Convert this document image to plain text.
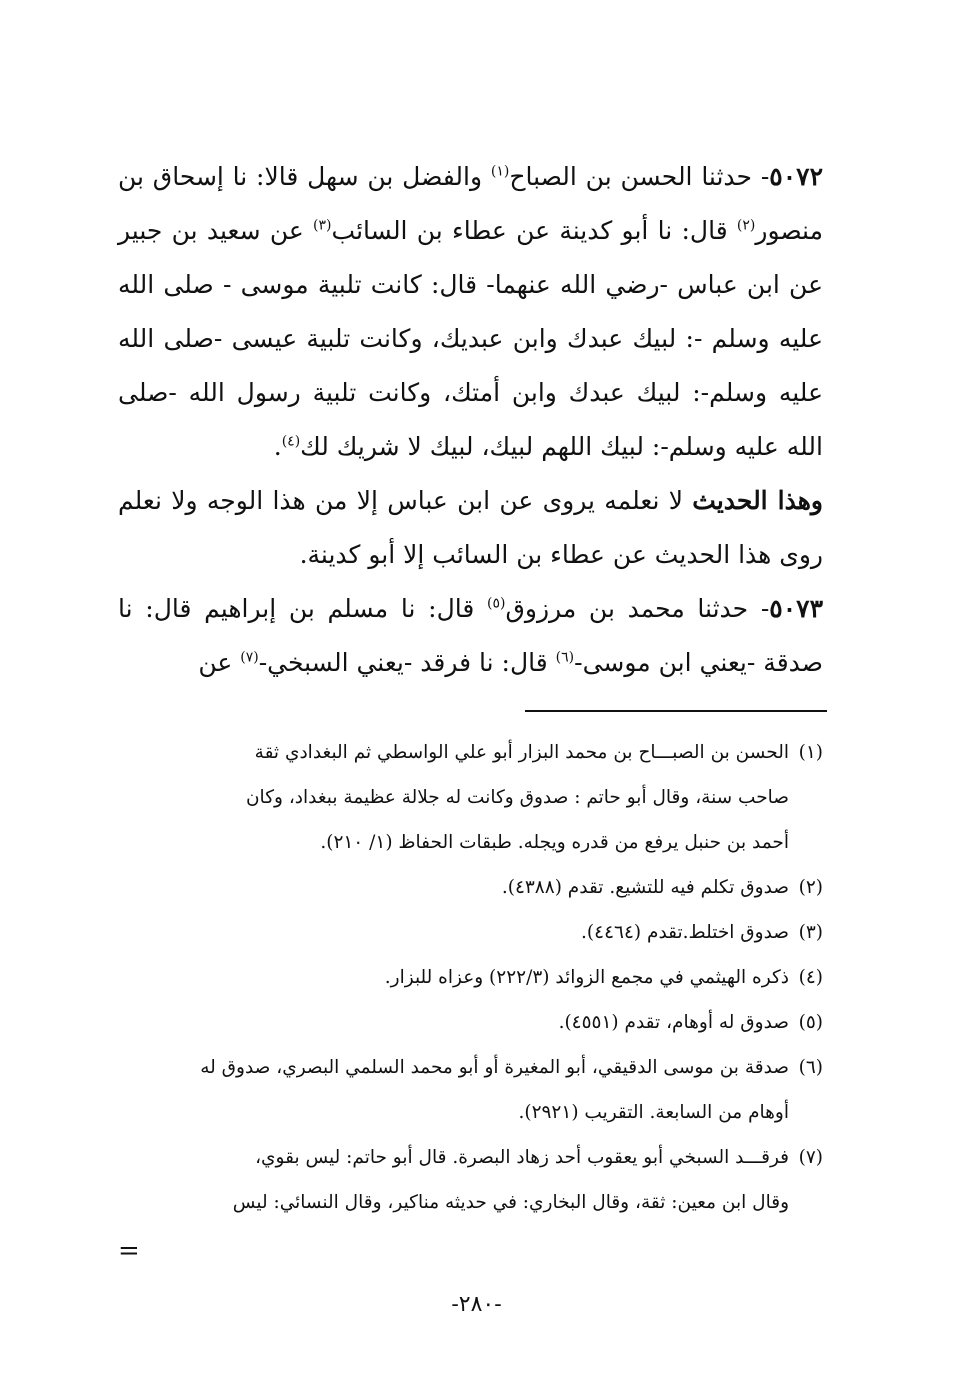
٥٠٧٢- حدثنا الحسن بن الصباح$^{(١)}$ والفضل بن سهل قالا: نا إسحاق بن منصور$^{(٢)}$ قال: نا أبو كدينة عن عطاء بن السائب$^{(٣)}$ عن سعيد بن جبير عن ابن عباس -رضي الله عنهما- قال: كانت تلبية موسى - صلى الله عليه وسلم -: لبيك عبدك وابن عبديك، وكانت تلبية عيسى -صلى الله عليه وسلم-: لبيك عبدك وابن أمتك، وكانت تلبية رسول الله -صلى الله عليه وسلم-: لبيك اللهم لبيك، لبيك لا شريك لك$^{(٤)}$.

وهذا الحديث لا نعلمه يروى عن ابن عباس إلا من هذا الوجه ولا نعلم روى هذا الحديث عن عطاء بن السائب إلا أبو كدينة.

٥٠٧٣- حدثنا محمد بن مرزوق$^{(٥)}$ قال: نا مسلم بن إبراهيم قال: نا صدقة -يعني ابن موسى-$^{(٦)}$ قال: نا فرقد -يعني السبخي-$^{(٧)}$ عن

(١)الحسن بن الصبـــاح بن محمد البزار أبو علي الواسطي ثم البغدادي ثقة
صاحب سنة، وقال أبو حاتم : صدوق وكانت له جلالة عظيمة ببغداد، وكان
أحمد بن حنبل يرفع من قدره ويجله. طبقات الحفاظ (١/ ٢١٠).
(٢)صدوق تكلم فيه للتشيع. تقدم (٤٣٨٨).
(٣)صدوق اختلط.تقدم (٤٤٦٤).
(٤)ذكره الهيثمي في مجمع الزوائد (٢٢٢/٣) وعزاه للبزار.
(٥)صدوق له أوهام، تقدم (٤٥٥١).
(٦)صدقة بن موسى الدقيقي، أبو المغيرة أو أبو محمد السلمي البصري، صدوق له
أوهام من السابعة. التقريب (٢٩٢١).
(٧)فرقـــد السبخي أبو يعقوب أحد زهاد البصرة. قال أبو حاتم: ليس بقوي،
وقال ابن معين: ثقة، وقال البخاري: في حديثه مناكير، وقال النسائي: ليس
=
-٢٨٠-
